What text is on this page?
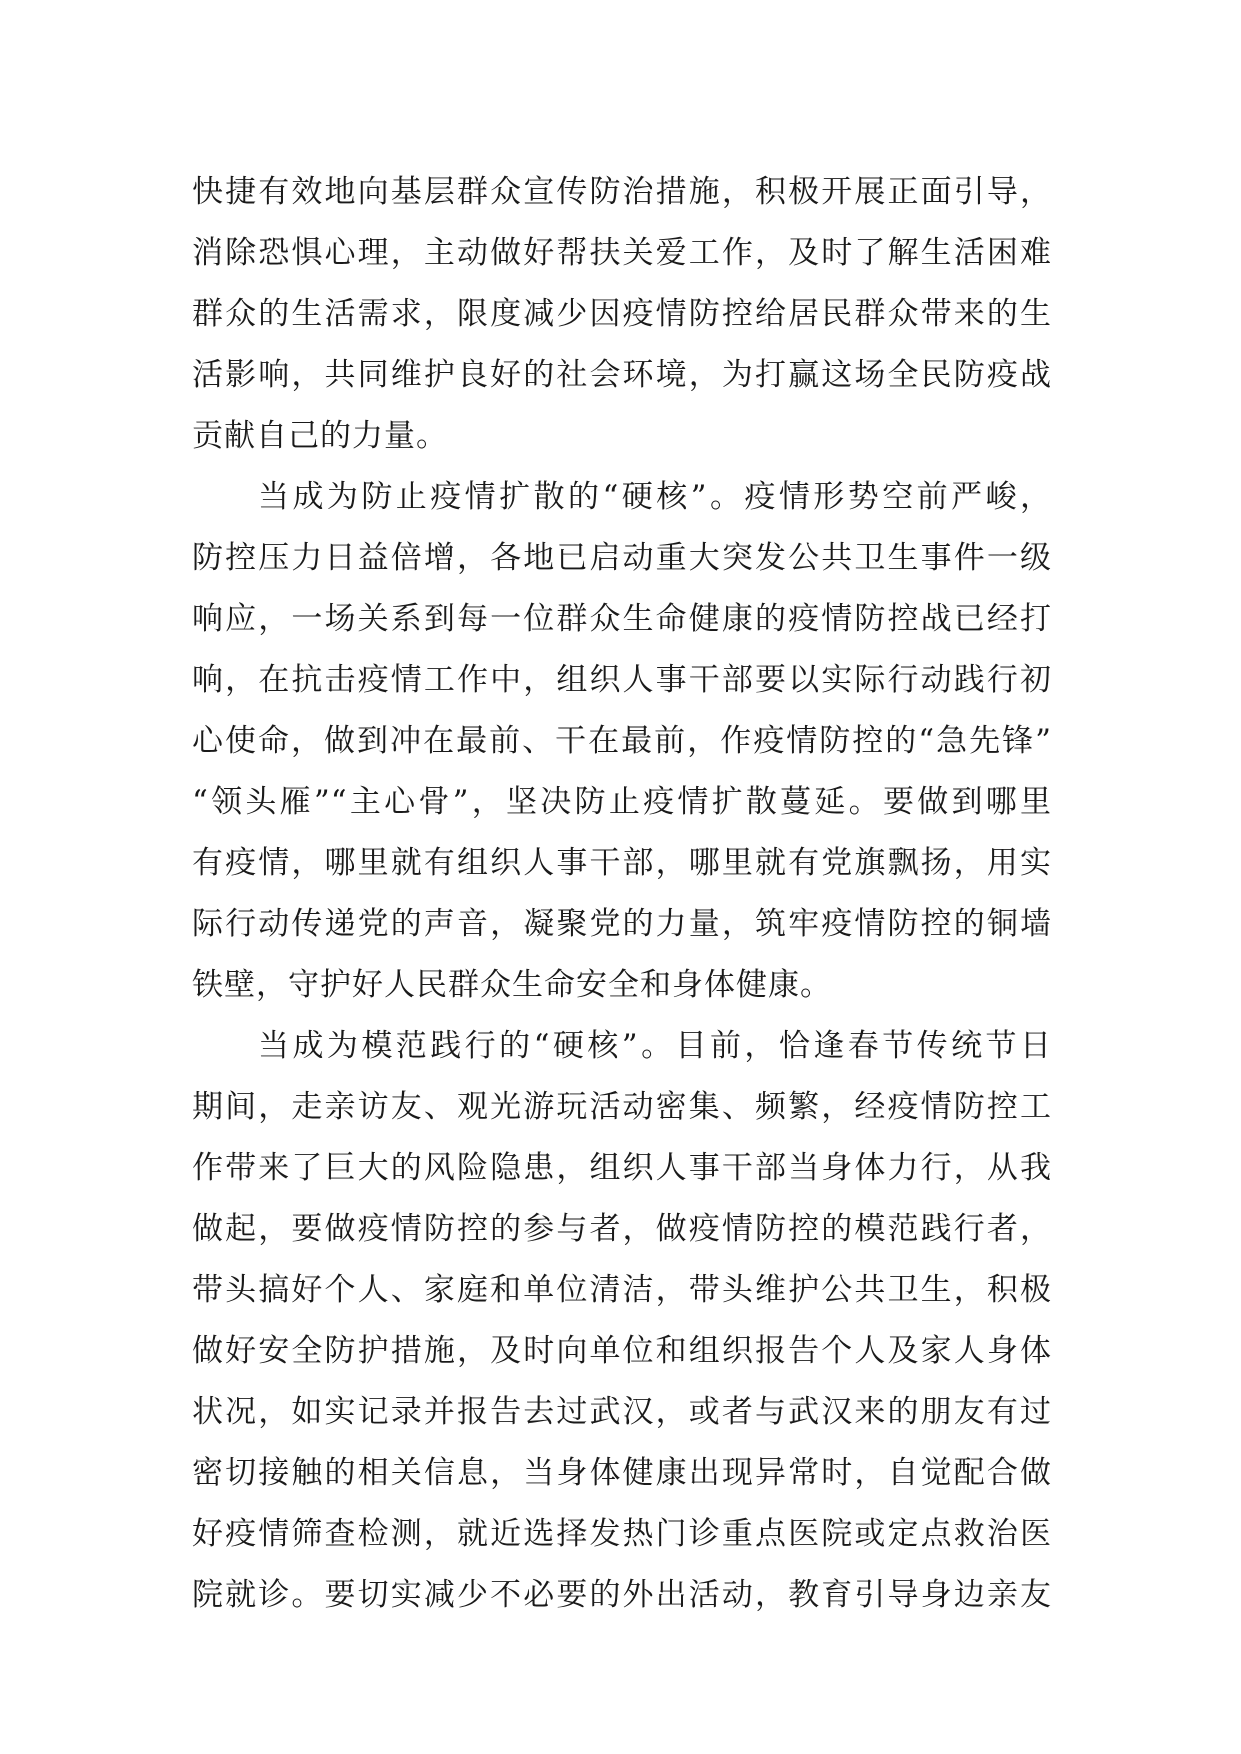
快捷有效地向基层群众宣传防治措施，积极开展正面引导，
消除恐惧心理，主动做好帮扶关爱工作，及时了解生活困难
群众的生活需求，限度减少因疫情防控给居民群众带来的生
活影响，共同维护良好的社会环境，为打赢这场全民防疫战
贡献自己的力量。
当成为防止疫情扩散的“硬核”。疫情形势空前严峻，
防控压力日益倍增，各地已启动重大突发公共卫生事件一级
响应，一场关系到每一位群众生命健康的疫情防控战已经打
响，在抗击疫情工作中，组织人事干部要以实际行动践行初
心使命，做到冲在最前、干在最前，作疫情防控的“急先锋”
“领头雁”“主心骨”，坚决防止疫情扩散蔓延。要做到哪里
有疫情，哪里就有组织人事干部，哪里就有党旗飘扬，用实
际行动传递党的声音，凝聚党的力量，筑牢疫情防控的铜墙
铁壁，守护好人民群众生命安全和身体健康。
当成为模范践行的“硬核”。目前，恰逢春节传统节日
期间，走亲访友、观光游玩活动密集、频繁，经疫情防控工
作带来了巨大的风险隐患，组织人事干部当身体力行，从我
做起，要做疫情防控的参与者，做疫情防控的模范践行者，
带头搞好个人、家庭和单位清洁，带头维护公共卫生，积极
做好安全防护措施，及时向单位和组织报告个人及家人身体
状况，如实记录并报告去过武汉，或者与武汉来的朋友有过
密切接触的相关信息，当身体健康出现异常时，自觉配合做
好疫情筛查检测，就近选择发热门诊重点医院或定点救治医
院就诊。要切实减少不必要的外出活动，教育引导身边亲友
